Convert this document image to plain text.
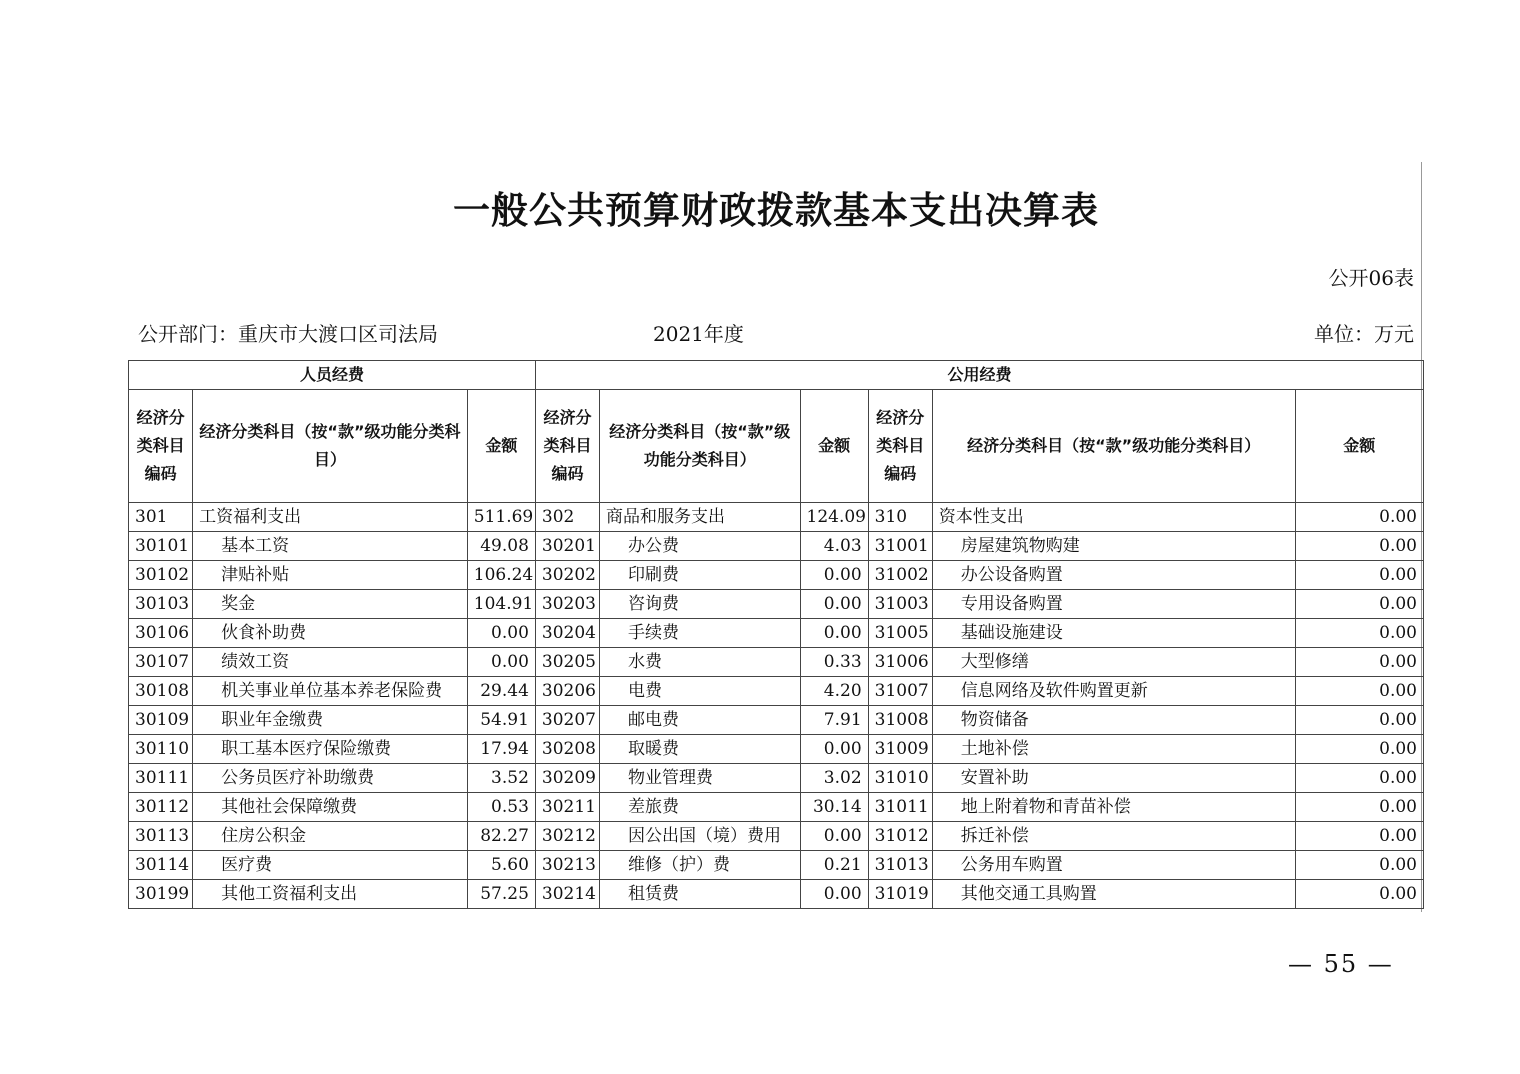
一般公共预算财政拨款基本支出决算表
公开06表
公开部门：重庆市大渡口区司法局	2021年度	单位：万元
人员经费			公用经费					
经济分类科目编码	经济分类科目（按“款”级功能分类科目）	金额	经济分类科目编码	经济分类科目（按“款”级功能分类科目）	金额	经济分类科目编码	经济分类科目（按“款”级功能分类科目）	金额
301	工资福利支出	511.69	302	商品和服务支出	124.09	310	资本性支出	0.00
30101	基本工资	49.08	30201	办公费	4.03	31001	房屋建筑物购建	0.00
30102	津贴补贴	106.24	30202	印刷费	0.00	31002	办公设备购置	0.00
30103	奖金	104.91	30203	咨询费	0.00	31003	专用设备购置	0.00
30106	伙食补助费	0.00	30204	手续费	0.00	31005	基础设施建设	0.00
30107	绩效工资	0.00	30205	水费	0.33	31006	大型修缮	0.00
30108	机关事业单位基本养老保险费	29.44	30206	电费	4.20	31007	信息网络及软件购置更新	0.00
30109	职业年金缴费	54.91	30207	邮电费	7.91	31008	物资储备	0.00
30110	职工基本医疗保险缴费	17.94	30208	取暖费	0.00	31009	土地补偿	0.00
30111	公务员医疗补助缴费	3.52	30209	物业管理费	3.02	31010	安置补助	0.00
30112	其他社会保障缴费	0.53	30211	差旅费	30.14	31011	地上附着物和青苗补偿	0.00
30113	住房公积金	82.27	30212	因公出国（境）费用	0.00	31012	拆迁补偿	0.00
30114	医疗费	5.60	30213	维修（护）费	0.21	31013	公务用车购置	0.00
30199	其他工资福利支出	57.25	30214	租赁费	0.00	31019	其他交通工具购置	0.00
— 55 —
